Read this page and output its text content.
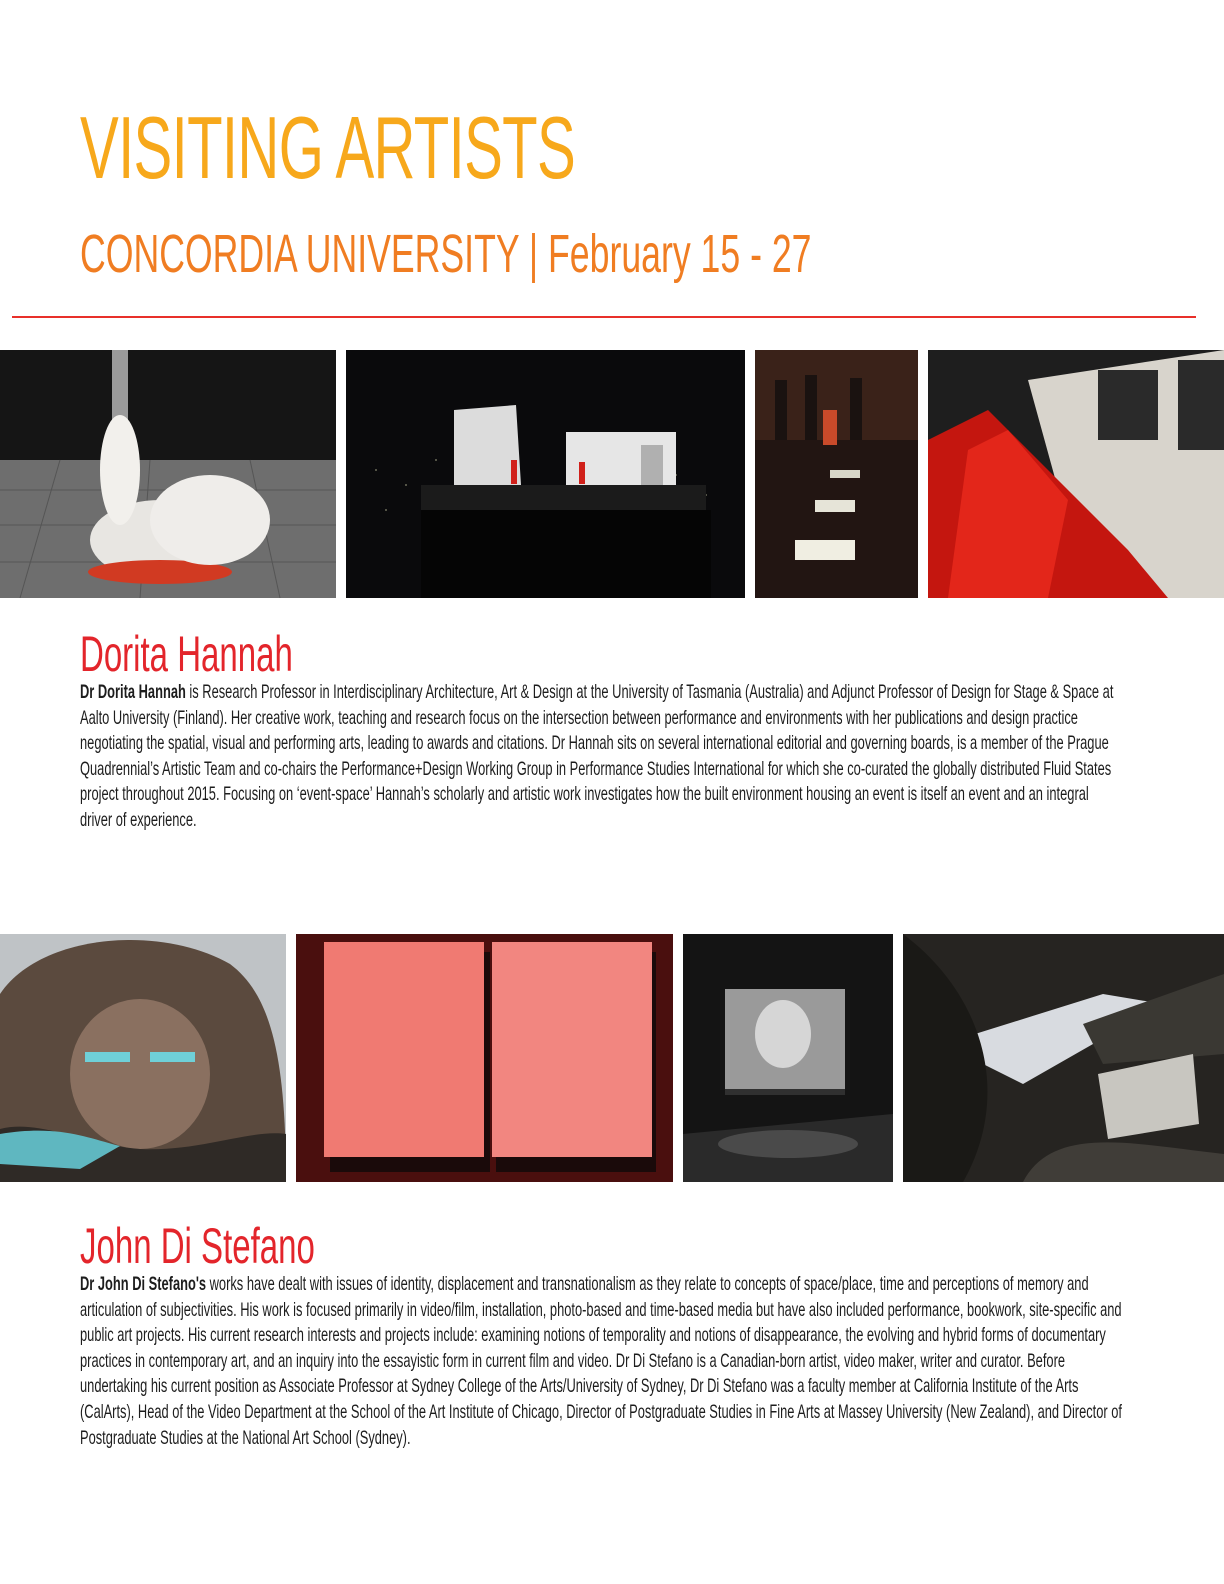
VISITING ARTISTS
CONCORDIA UNIVERSITY | February 15 - 27
Dorita Hannah

Dr Dorita Hannah is Research Professor in Interdisciplinary Architecture, Art & Design at the University of Tasmania (Australia) and Adjunct Professor of Design for Stage & Space at Aalto University (Finland). Her creative work, teaching and research focus on the intersection between performance and environments with her publications and design practice negotiating the spatial, visual and performing arts, leading to awards and citations. Dr Hannah sits on several international editorial and governing boards, is a member of the Prague Quadrennial’s Artistic Team and co-chairs the Performance+Design Working Group in Performance Studies International for which she co-curated the globally distributed Fluid States project throughout 2015. Focusing on ‘event-space’ Hannah’s scholarly and artistic work investigates how the built environment housing an event is itself an event and an integral driver of experience.

John Di Stefano

Dr John Di Stefano's works have dealt with issues of identity, displacement and transnationalism as they relate to concepts of space/place, time and perceptions of memory and articulation of subjectivities. His work is focused primarily in video/film, installation, photo-based and time-based media but have also included performance, bookwork, site-specific and public art projects. His current research interests and projects include: examining notions of temporality and notions of disappearance, the evolving and hybrid forms of documentary practices in contemporary art, and an inquiry into the essayistic form in current film and video. Dr Di Stefano is a Canadian-born artist, video maker, writer and curator. Before undertaking his current position as Associate Professor at Sydney College of the Arts/University of Sydney, Dr Di Stefano was a faculty member at California Institute of the Arts (CalArts), Head of the Video Department at the School of the Art Institute of Chicago, Director of Postgraduate Studies in Fine Arts at Massey University (New Zealand), and Director of Postgraduate Studies at the National Art School (Sydney).
